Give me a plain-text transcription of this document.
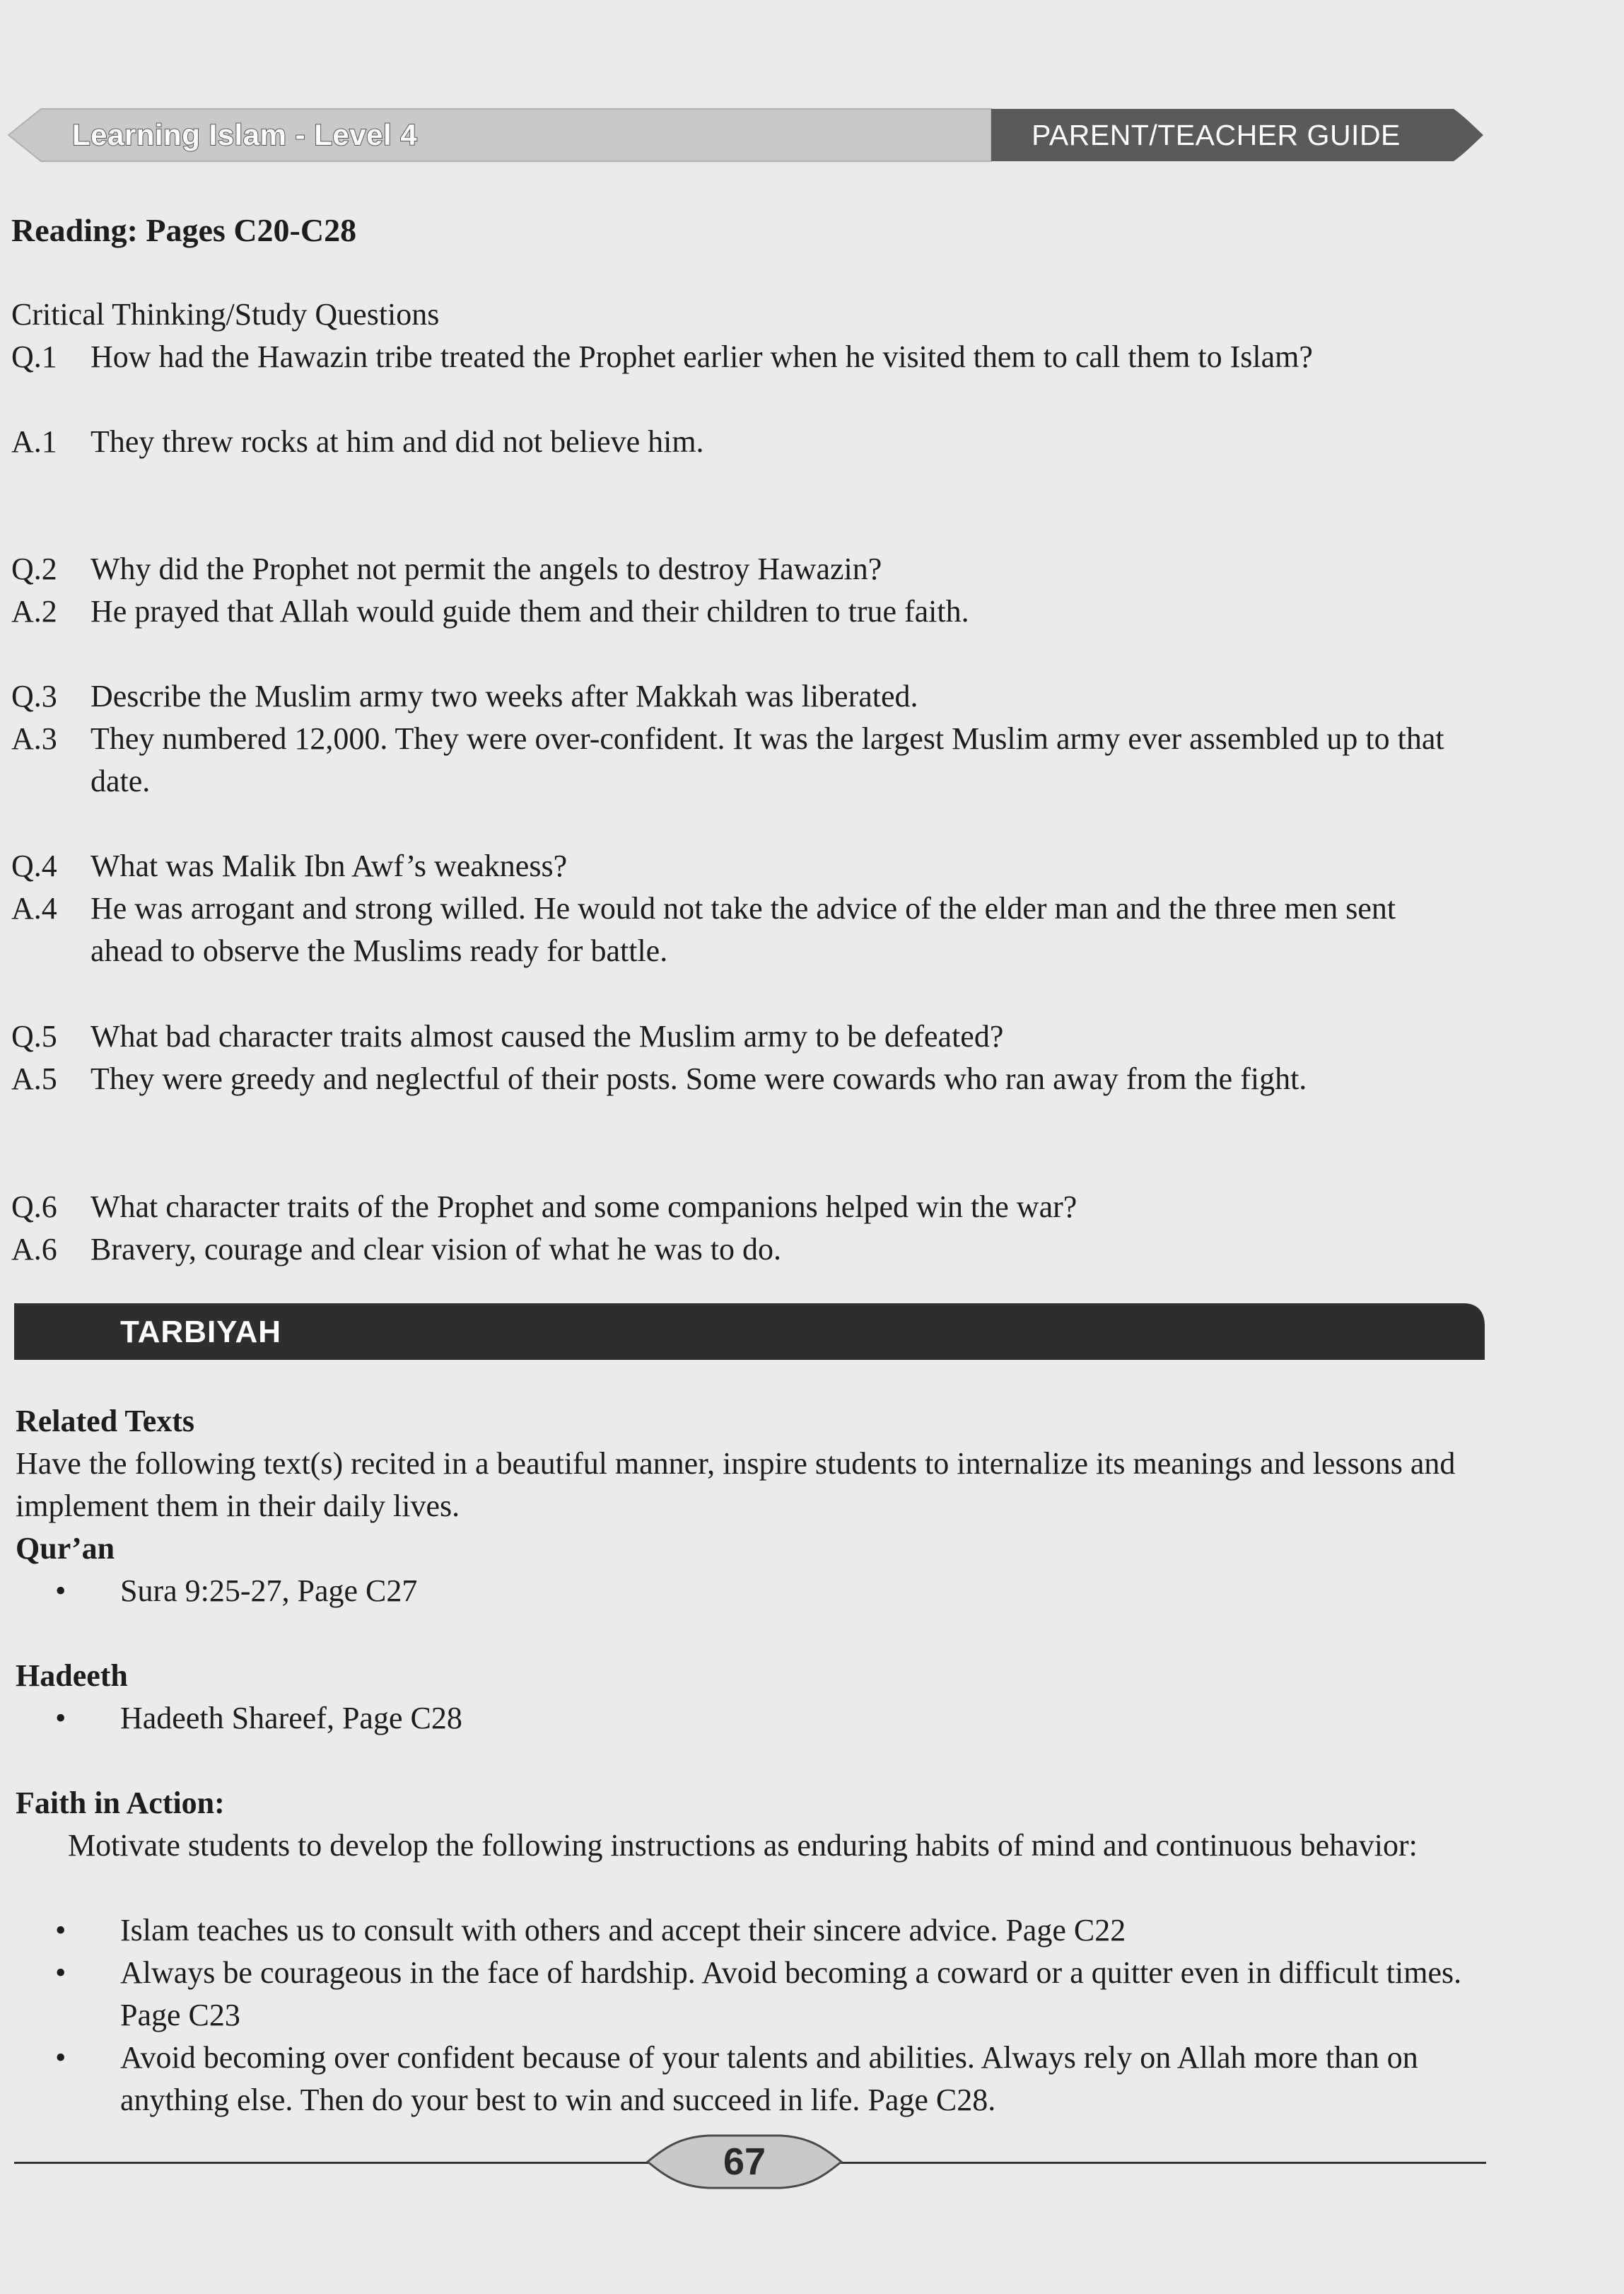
Learning Islam - Level 4	PARENT/TEACHER GUIDE
Reading: Pages C20-C28
Critical Thinking/Study Questions
Q.1 How had the Hawazin tribe treated the Prophet earlier when he visited them to call them to Islam?
A.1 They threw rocks at him and did not believe him.
Q.2 Why did the Prophet not permit the angels to destroy Hawazin?
A.2 He prayed that Allah would guide them and their children to true faith.
Q.3 Describe the Muslim army two weeks after Makkah was liberated.
A.3 They numbered 12,000. They were over-confident. It was the largest Muslim army ever assembled up to that date.
Q.4 What was Malik Ibn Awf’s weakness?
A.4 He was arrogant and strong willed. He would not take the advice of the elder man and the three men sent ahead to observe the Muslims ready for battle.
Q.5 What bad character traits almost caused the Muslim army to be defeated?
A.5 They were greedy and neglectful of their posts. Some were cowards who ran away from the fight.
Q.6 What character traits of the Prophet and some companions helped win the war?
A.6 Bravery, courage and clear vision of what he was to do.
TARBIYAH
Related Texts
Have the following text(s) recited in a beautiful manner, inspire students to internalize its meanings and lessons and implement them in their daily lives.
Qur’an
• Sura 9:25-27, Page C27
Hadeeth
• Hadeeth Shareef, Page C28
Faith in Action:
Motivate students to develop the following instructions as enduring habits of mind and continuous behavior:
• Islam teaches us to consult with others and accept their sincere advice. Page C22
• Always be courageous in the face of hardship. Avoid becoming a coward or a quitter even in difficult times. Page C23
• Avoid becoming over confident because of your talents and abilities. Always rely on Allah more than on anything else. Then do your best to win and succeed in life. Page C28.
67
